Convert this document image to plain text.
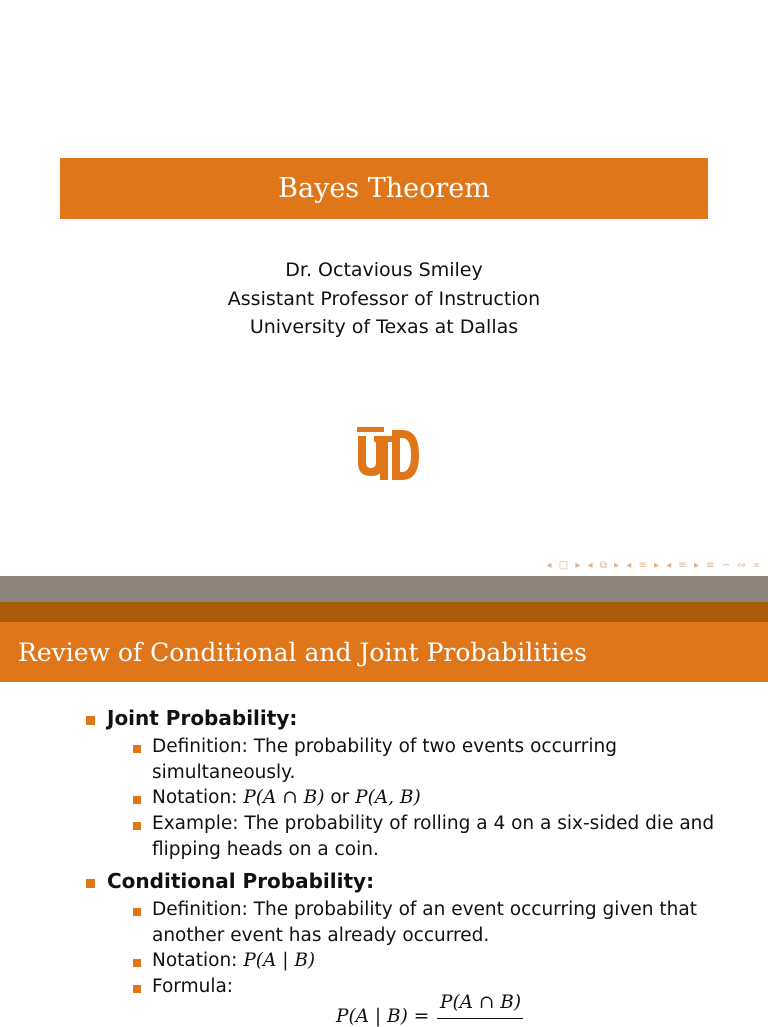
Bayes Theorem
Dr. Octavious Smiley
Assistant Professor of Instruction
University of Texas at Dallas
◂ □ ▸ ◂ ⧉ ▸ ◂ ≡ ▸ ◂ ≡ ▸ ≡ ∽ ∾ ∝
Review of Conditional and Joint Probabilities
Joint Probability:
Definition: The probability of two events occurring
simultaneously.
Notation: P(A ∩ B) or P(A, B)
Example: The probability of rolling a 4 on a six-sided die and
flipping heads on a coin.
Conditional Probability:
Definition: The probability of an event occurring given that
another event has already occurred.
Notation: P(A | B)
Formula:
P(A ∩ B)
P(A | B) =
